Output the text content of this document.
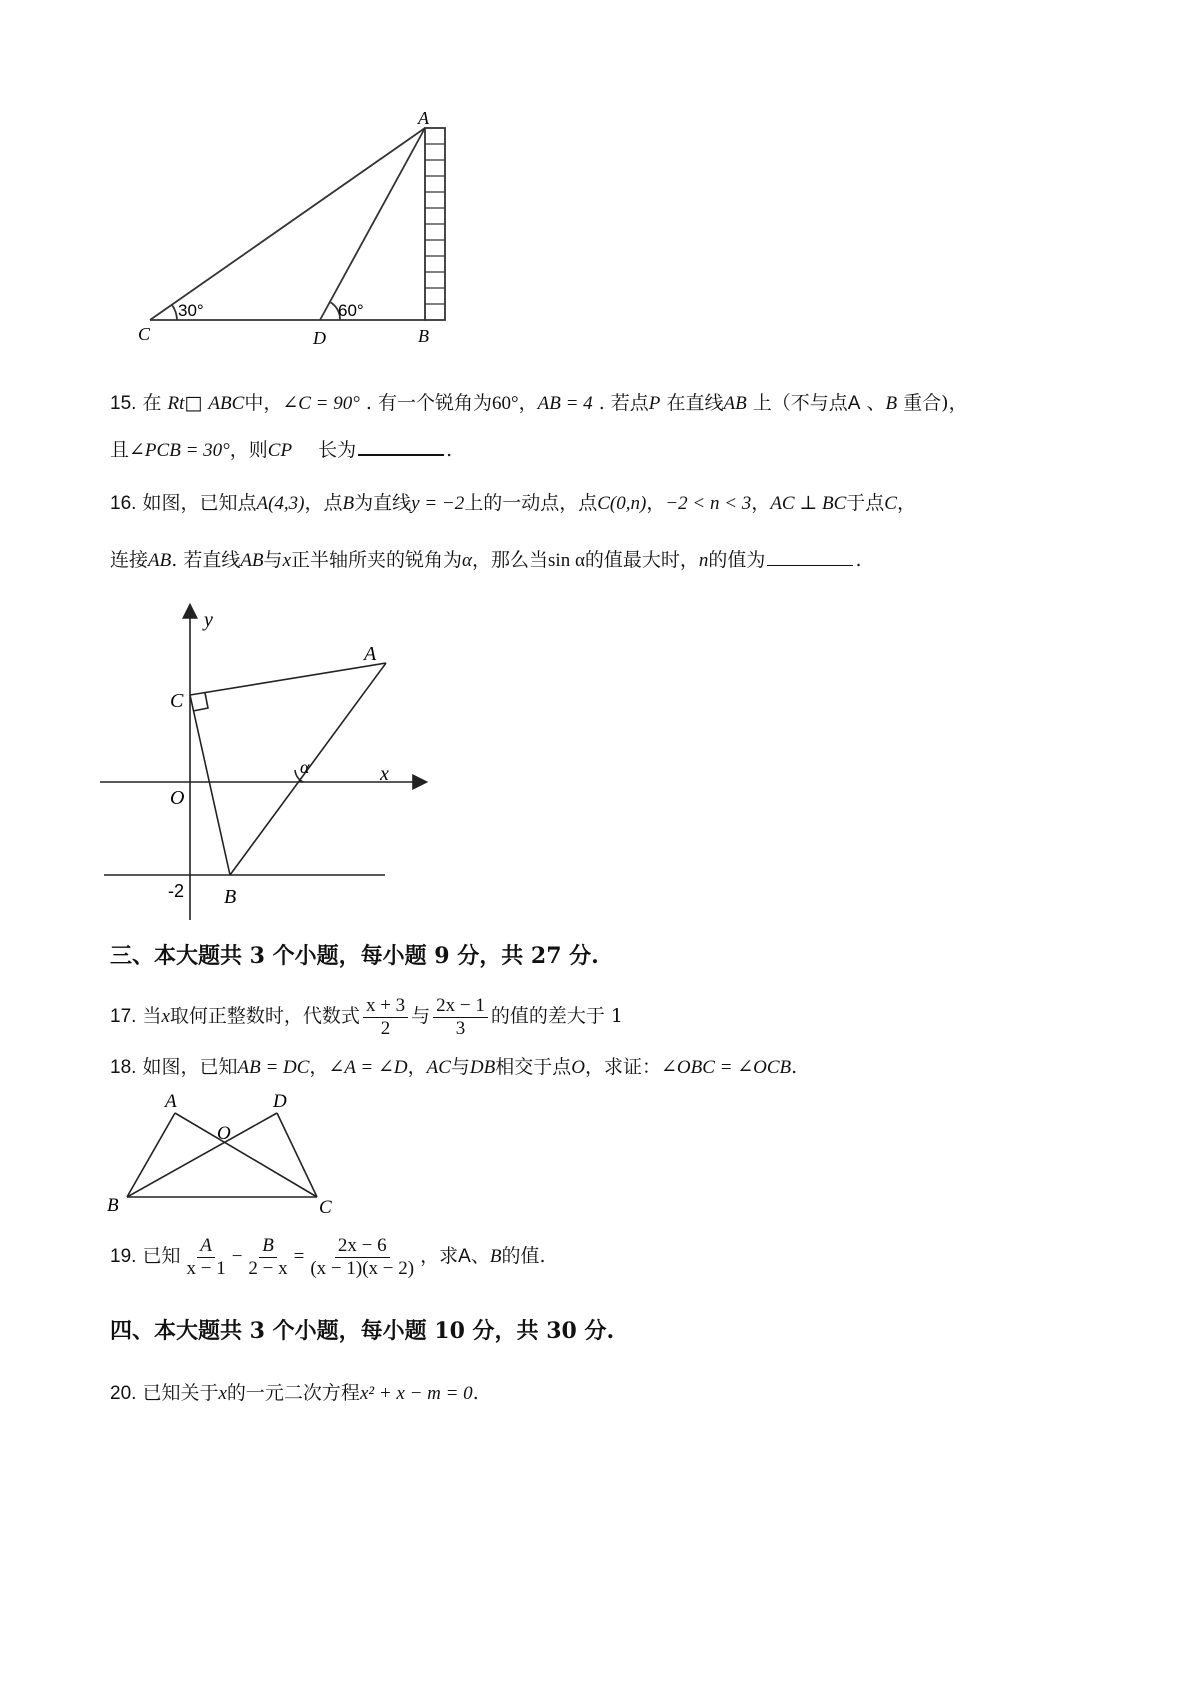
A
C	D	B
30°	60°
15. 在 Rt□ ABC中，∠C = 90° . 有一个锐角为60°，AB = 4 . 若点P 在直线AB 上（不与点A 、B 重合)，
且∠PCB = 30°，则CP 长为	.
16. 如图，已知点A(4,3)，点B为直线y = −2上的一动点，点C(0,n)，−2 < n < 3，AC ⊥ BC于点C，
连接AB. 若直线AB与x正半轴所夹的锐角为α，那么当sin α的值最大时，n的值为	.
y
x
A
C
O
B
-2
α
三、本大题共 3 个小题，每小题 9 分，共 27 分.
17. 当x取何正整数时，代数式 $\frac{x + 3}{2}$ 与 $\frac{2x - 1}{3}$ 的值的差大于 1
18. 如图，已知AB = DC，∠A = ∠D，AC与DB相交于点O，求证：∠OBC = ∠OCB.
A	D
O
B	C
19. 已知 $\frac{A}{x - 1} - \frac{B}{2 - x} = \frac{2x - 6}{(x - 1)(x - 2)}$ ，求A、B的值.
四、本大题共 3 个小题，每小题 10 分，共 30 分.
20. 已知关于x的一元二次方程x² + x − m = 0.
